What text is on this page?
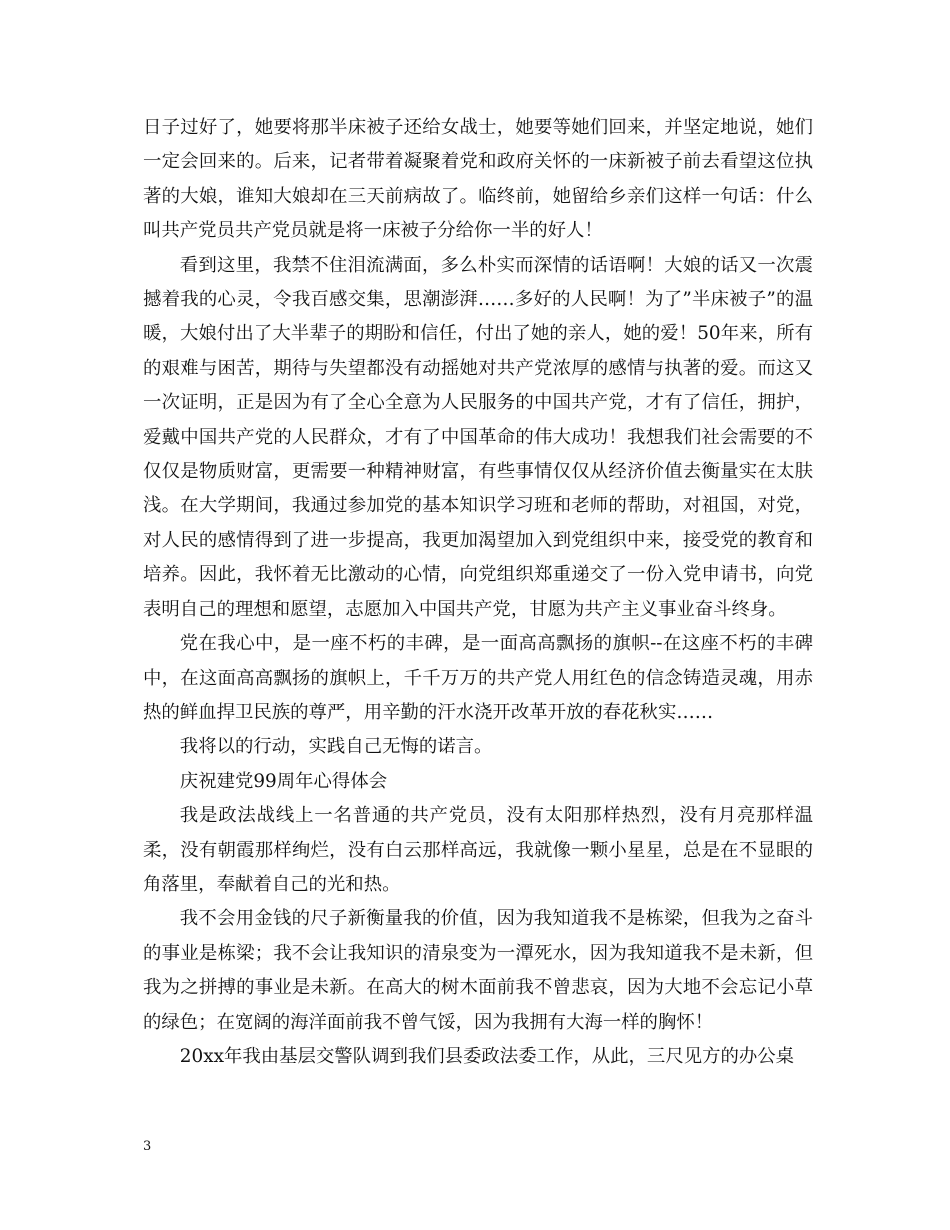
日子过好了，她要将那半床被子还给女战士，她要等她们回来，并坚定地说，她们一定会回来的。后来，记者带着凝聚着党和政府关怀的一床新被子前去看望这位执著的大娘，谁知大娘却在三天前病故了。临终前，她留给乡亲们这样一句话：什么叫共产党员共产党员就是将一床被子分给你一半的好人！

看到这里，我禁不住泪流满面，多么朴实而深情的话语啊！大娘的话又一次震撼着我的心灵，令我百感交集，思潮澎湃……多好的人民啊！为了”半床被子”的温暖，大娘付出了大半辈子的期盼和信任，付出了她的亲人，她的爱！50年来，所有的艰难与困苦，期待与失望都没有动摇她对共产党浓厚的感情与执著的爱。而这又一次证明，正是因为有了全心全意为人民服务的中国共产党，才有了信任，拥护，爱戴中国共产党的人民群众，才有了中国革命的伟大成功！我想我们社会需要的不仅仅是物质财富，更需要一种精神财富，有些事情仅仅从经济价值去衡量实在太肤浅。在大学期间，我通过参加党的基本知识学习班和老师的帮助，对祖国，对党，对人民的感情得到了进一步提高，我更加渴望加入到党组织中来，接受党的教育和培养。因此，我怀着无比激动的心情，向党组织郑重递交了一份入党申请书，向党表明自己的理想和愿望，志愿加入中国共产党，甘愿为共产主义事业奋斗终身。

党在我心中，是一座不朽的丰碑，是一面高高飘扬的旗帜--在这座不朽的丰碑中，在这面高高飘扬的旗帜上，千千万万的共产党人用红色的信念铸造灵魂，用赤热的鲜血捍卫民族的尊严，用辛勤的汗水浇开改革开放的春花秋实……

我将以的行动，实践自己无悔的诺言。

庆祝建党99周年心得体会

我是政法战线上一名普通的共产党员，没有太阳那样热烈，没有月亮那样温柔，没有朝霞那样绚烂，没有白云那样高远，我就像一颗小星星，总是在不显眼的角落里，奉献着自己的光和热。

我不会用金钱的尺子新衡量我的价值，因为我知道我不是栋梁，但我为之奋斗的事业是栋梁；我不会让我知识的清泉变为一潭死水，因为我知道我不是未新，但我为之拼搏的事业是未新。在高大的树木面前我不曾悲哀，因为大地不会忘记小草的绿色；在宽阔的海洋面前我不曾气馁，因为我拥有大海一样的胸怀！

20xx年我由基层交警队调到我们县委政法委工作，从此，三尺见方的办公桌

3
